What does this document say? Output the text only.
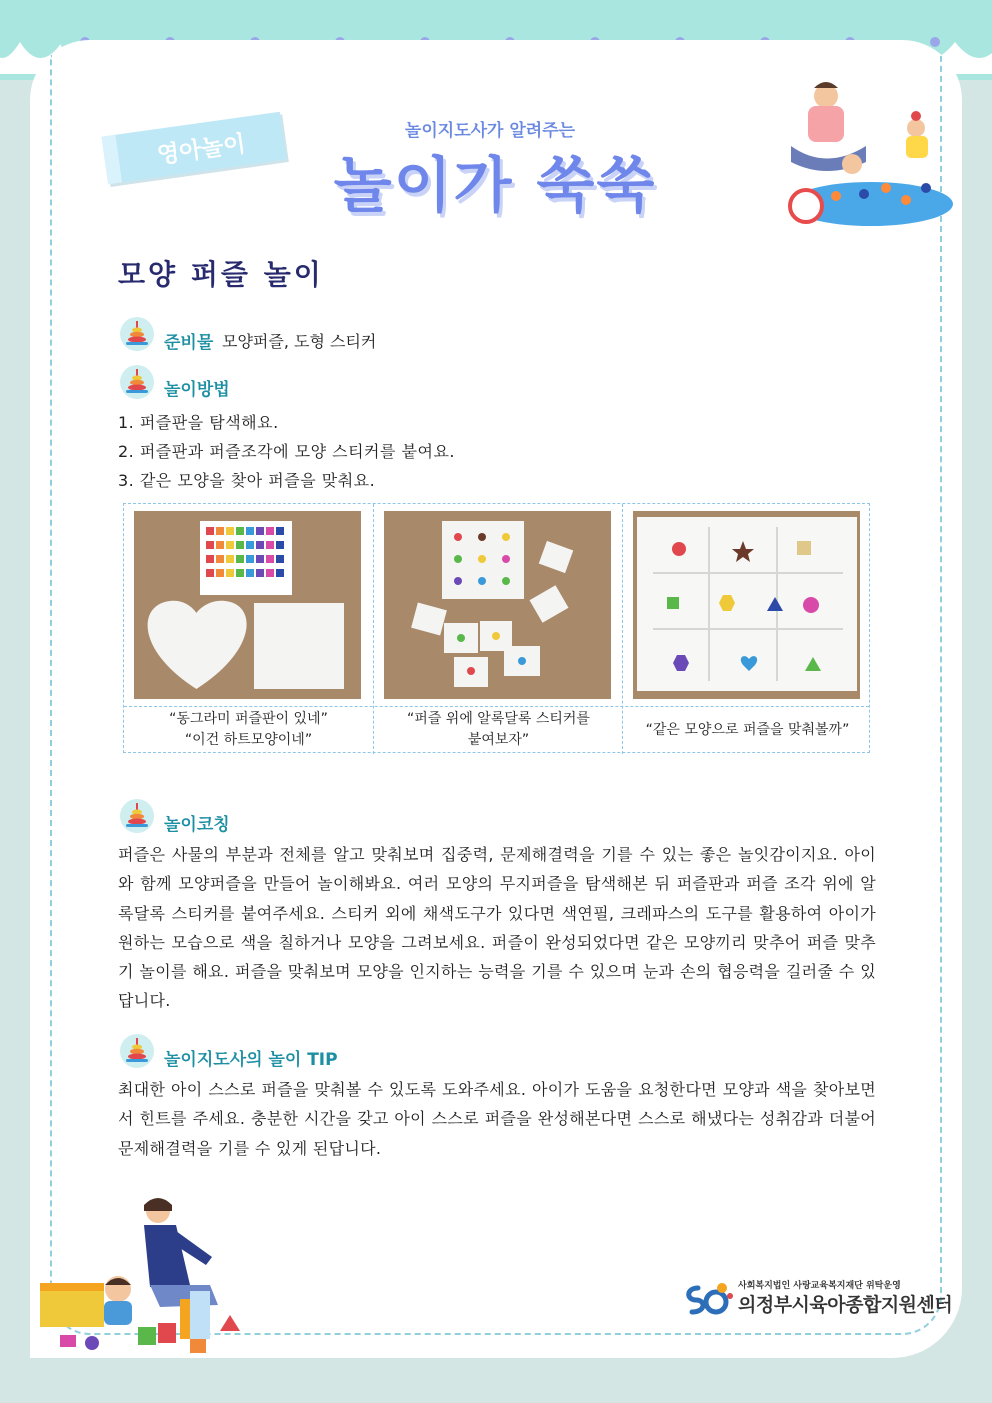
영아놀이	놀이지도사가 알려주는
놀이가 쑥쑥
모양 퍼즐 놀이
준비물 모양퍼즐, 도형 스티커
놀이방법
1. 퍼즐판을 탐색해요.
2. 퍼즐판과 퍼즐조각에 모양 스티커를 붙여요.
3. 같은 모양을 찾아 퍼즐을 맞춰요.
“동그라미 퍼즐판이 있네”
“이건 하트모양이네”
“퍼즐 위에 알록달록 스티커를
붙여보자”
“같은 모양으로 퍼즐을 맞춰볼까”
놀이코칭
퍼즐은 사물의 부분과 전체를 알고 맞춰보며 집중력, 문제해결력을 기를 수 있는 좋은 놀잇감이지요. 아이와 함께 모양퍼즐을 만들어 놀이해봐요. 여러 모양의 무지퍼즐을 탐색해본 뒤 퍼즐판과 퍼즐 조각 위에 알록달록 스티커를 붙여주세요. 스티커 외에 채색도구가 있다면 색연필, 크레파스의 도구를 활용하여 아이가 원하는 모습으로 색을 칠하거나 모양을 그려보세요. 퍼즐이 완성되었다면 같은 모양끼리 맞추어 퍼즐 맞추기 놀이를 해요. 퍼즐을 맞춰보며 모양을 인지하는 능력을 기를 수 있으며 눈과 손의 협응력을 길러줄 수 있답니다.
놀이지도사의 놀이 TIP
최대한 아이 스스로 퍼즐을 맞춰볼 수 있도록 도와주세요. 아이가 도움을 요청한다면 모양과 색을 찾아보면서 힌트를 주세요. 충분한 시간을 갖고 아이 스스로 퍼즐을 완성해본다면 스스로 해냈다는 성취감과 더불어 문제해결력을 기를 수 있게 된답니다.
사회복지법인 사랑교육복지재단 위탁운영
의정부시육아종합지원센터
